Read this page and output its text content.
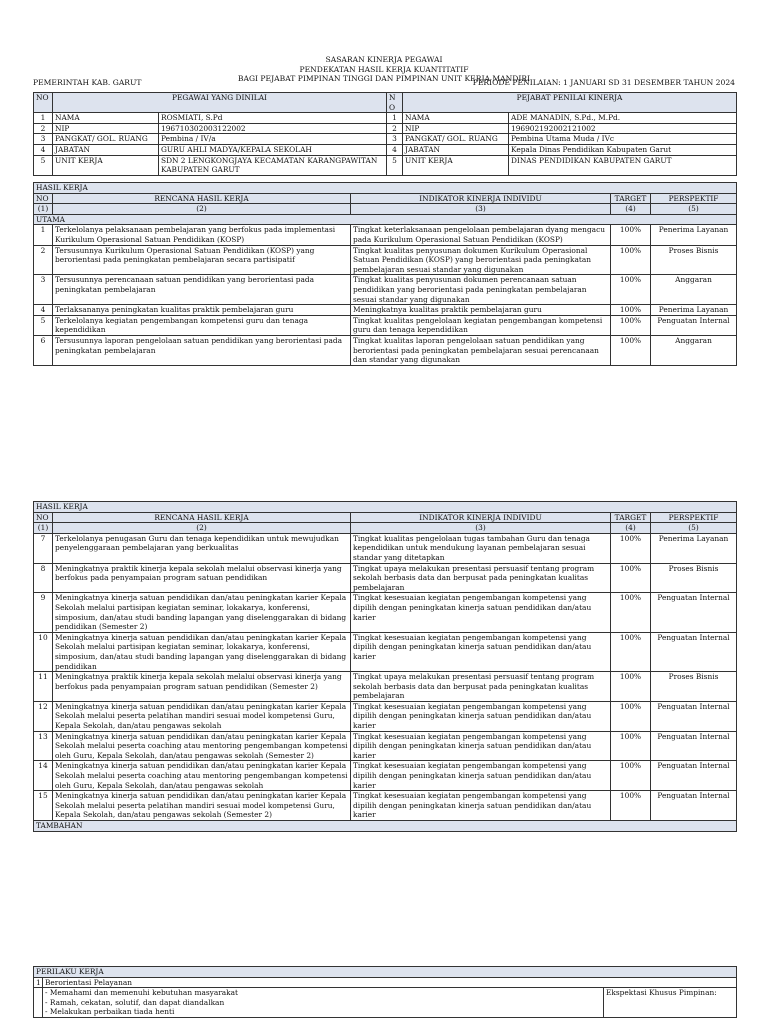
SASARAN KINERJA PEGAWAI
PENDEKATAN HASIL KERJA KUANTITATIF
BAGI PEJABAT PIMPINAN TINGGI DAN PIMPINAN UNIT KERJA MANDIRI
PEMERINTAH KAB. GARUT	PERIODE PENILAIAN: 1 JANUARI SD 31 DESEMBER TAHUN 2024
NO	PEGAWAI YANG DINILAI		NO	PEJABAT PENILAI KINERJA	
1	NAMA	ROSMIATI, S.Pd	1	NAMA	ADE MANADIN, S.Pd., M.Pd.
2	NIP	196710302003122002	2	NIP	196902192002121002
3	PANGKAT/ GOL. RUANG	Pembina / IV/a	3	PANGKAT/ GOL. RUANG	Pembina Utama Muda / IVc
4	JABATAN	GURU AHLI MADYA/KEPALA SEKOLAH	4	JABATAN	Kepala Dinas Pendidikan Kabupaten Garut
5	UNIT KERJA	SDN 2 LENGKONGJAYA KECAMATAN KARANGPAWITAN KABUPATEN GARUT	5	UNIT KERJA	DINAS PENDIDIKAN KABUPATEN GARUT
HASIL KERJA				
NO	RENCANA HASIL KERJA	INDIKATOR KINERJA INDIVIDU	TARGET	PERSPEKTIF
(1)	(2)	(3)	(4)	(5)
UTAMA				
1	Terkelolanya pelaksanaan pembelajaran yang berfokus pada implementasi Kurikulum Operasional Satuan Pendidikan (KOSP)	Tingkat keterlaksanaan pengelolaan pembelajaran dyang mengacu pada Kurikulum Operasional Satuan Pendidikan (KOSP)	100%	Penerima Layanan
2	Tersusunnya Kurikulum Operasional Satuan Pendidikan (KOSP) yang berorientasi pada peningkatan pembelajaran secara partisipatif	Tingkat kualitas penyusunan dokumen Kurikulum Operasional Satuan Pendidikan (KOSP) yang berorientasi pada peningkatan pembelajaran sesuai standar yang digunakan	100%	Proses Bisnis
3	Tersusunnya perencanaan satuan pendidikan yang berorientasi pada peningkatan pembelajaran	Tingkat kualitas penyusunan dokumen perencanaan satuan pendidikan yang berorientasi pada peningkatan pembelajaran sesuai standar yang digunakan	100%	Anggaran
4	Terlaksananya peningkatan kualitas praktik pembelajaran guru	Meningkatnya kualitas praktik pembelajaran guru	100%	Penerima Layanan
5	Terkelolanya kegiatan pengembangan kompetensi guru dan tenaga kependidikan	Tingkat kualitas pengelolaan kegiatan pengembangan kompetensi guru dan tenaga kependidikan	100%	Penguatan Internal
6	Tersusunnya laporan pengelolaan satuan pendidikan yang berorientasi pada peningkatan pembelajaran	Tingkat kualitas laporan pengelolaan satuan pendidikan yang berorientasi pada peningkatan pembelajaran sesuai perencanaan dan standar yang digunakan	100%	Anggaran
HASIL KERJA				
NO	RENCANA HASIL KERJA	INDIKATOR KINERJA INDIVIDU	TARGET	PERSPEKTIF
(1)	(2)	(3)	(4)	(5)
7	Terkelolanya penugasan Guru dan tenaga kependidikan untuk mewujudkan penyelenggaraan pembelajaran yang berkualitas	Tingkat kualitas pengelolaan tugas tambahan Guru dan tenaga kependidikan untuk mendukung layanan pembelajaran sesuai standar yang ditetapkan	100%	Penerima Layanan
8	Meningkatnya praktik kinerja kepala sekolah melalui observasi kinerja yang berfokus pada penyampaian program satuan pendidikan	Tingkat upaya melakukan presentasi persuasif tentang program sekolah berbasis data dan berpusat pada peningkatan kualitas pembelajaran	100%	Proses Bisnis
9	Meningkatnya kinerja satuan pendidikan dan/atau peningkatan karier Kepala Sekolah melalui partisipan kegiatan seminar, lokakarya, konferensi, simposium, dan/atau studi banding lapangan yang diselenggarakan di bidang pendidikan (Semester 2)	Tingkat kesesuaian kegiatan pengembangan kompetensi yang dipilih dengan peningkatan kinerja satuan pendidikan dan/atau karier	100%	Penguatan Internal
10	Meningkatnya kinerja satuan pendidikan dan/atau peningkatan karier Kepala Sekolah melalui partisipan kegiatan seminar, lokakarya, konferensi, simposium, dan/atau studi banding lapangan yang diselenggarakan di bidang pendidikan	Tingkat kesesuaian kegiatan pengembangan kompetensi yang dipilih dengan peningkatan kinerja satuan pendidikan dan/atau karier	100%	Penguatan Internal
11	Meningkatnya praktik kinerja kepala sekolah melalui observasi kinerja yang berfokus pada penyampaian program satuan pendidikan (Semester 2)	Tingkat upaya melakukan presentasi persuasif tentang program sekolah berbasis data dan berpusat pada peningkatan kualitas pembelajaran	100%	Proses Bisnis
12	Meningkatnya kinerja satuan pendidikan dan/atau peningkatan karier Kepala Sekolah melalui peserta pelatihan mandiri sesuai model kompetensi Guru, Kepala Sekolah, dan/atau pengawas sekolah	Tingkat kesesuaian kegiatan pengembangan kompetensi yang dipilih dengan peningkatan kinerja satuan pendidikan dan/atau karier	100%	Penguatan Internal
13	Meningkatnya kinerja satuan pendidikan dan/atau peningkatan karier Kepala Sekolah melalui peserta coaching atau mentoring pengembangan kompetensi oleh Guru, Kepala Sekolah, dan/atau pengawas sekolah (Semester 2)	Tingkat kesesuaian kegiatan pengembangan kompetensi yang dipilih dengan peningkatan kinerja satuan pendidikan dan/atau karier	100%	Penguatan Internal
14	Meningkatnya kinerja satuan pendidikan dan/atau peningkatan karier Kepala Sekolah melalui peserta coaching atau mentoring pengembangan kompetensi oleh Guru, Kepala Sekolah, dan/atau pengawas sekolah	Tingkat kesesuaian kegiatan pengembangan kompetensi yang dipilih dengan peningkatan kinerja satuan pendidikan dan/atau karier	100%	Penguatan Internal
15	Meningkatnya kinerja satuan pendidikan dan/atau peningkatan karier Kepala Sekolah melalui peserta pelatihan mandiri sesuai model kompetensi Guru, Kepala Sekolah, dan/atau pengawas sekolah (Semester 2)	Tingkat kesesuaian kegiatan pengembangan kompetensi yang dipilih dengan peningkatan kinerja satuan pendidikan dan/atau karier	100%	Penguatan Internal
TAMBAHAN				
PERILAKU KERJA		
1	Berorientasi Pelayanan	

	- Memahami dan memenuhi kebutuhan masyarakat
- Ramah, cekatan, solutif, dan dapat diandalkan
- Melakukan perbaikan tiada henti	Ekspektasi Khusus Pimpinan:
